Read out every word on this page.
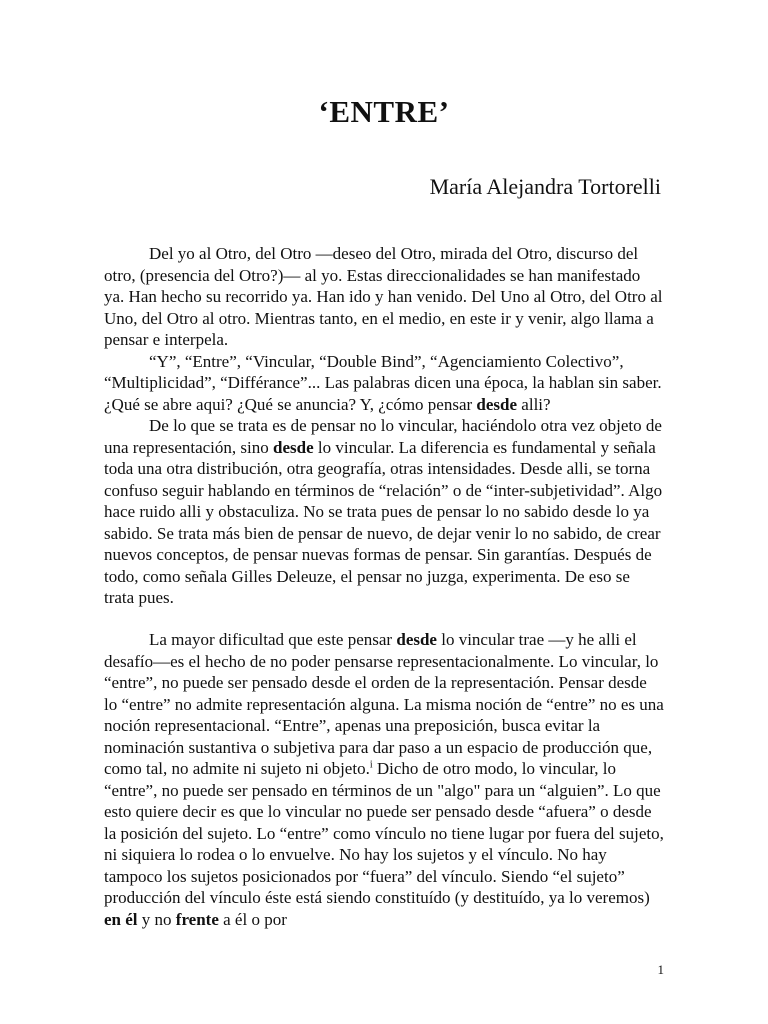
‘ENTRE’
María Alejandra Tortorelli

Del yo al Otro, del Otro —deseo del Otro, mirada del Otro, discurso del otro, (presencia del Otro?)— al yo. Estas direccionalidades se han manifestado ya. Han hecho su recorrido ya. Han ido y han venido. Del Uno al Otro, del Otro al Uno, del Otro al otro. Mientras tanto, en el medio, en este ir y venir, algo llama a pensar e interpela.

“Y”, “Entre”, “Vincular, “Double Bind”, “Agenciamiento Colectivo”, “Multiplicidad”, “Différance”... Las palabras dicen una época, la hablan sin saber. ¿Qué se abre aqui? ¿Qué se anuncia? Y, ¿cómo pensar desde alli?

De lo que se trata es de pensar no lo vincular, haciéndolo otra vez objeto de una representación, sino desde lo vincular. La diferencia es fundamental y señala toda una otra distribución, otra geografía, otras intensidades. Desde alli, se torna confuso seguir hablando en términos de “relación” o de “inter-subjetividad”. Algo hace ruido alli y obstaculiza. No se trata pues de pensar lo no sabido desde lo ya sabido. Se trata más bien de pensar de nuevo, de dejar venir lo no sabido, de crear nuevos conceptos, de pensar nuevas formas de pensar. Sin garantías. Después de todo, como señala Gilles Deleuze, el pensar no juzga, experimenta. De eso se trata pues.

La mayor dificultad que este pensar desde lo vincular trae —y he alli el desafío—es el hecho de no poder pensarse representacionalmente. Lo vincular, lo “entre”, no puede ser pensado desde el orden de la representación. Pensar desde lo “entre” no admite representación alguna. La misma noción de “entre” no es una noción representacional. “Entre”, apenas una preposición, busca evitar la nominación sustantiva o subjetiva para dar paso a un espacio de producción que, como tal, no admite ni sujeto ni objeto.$^i$ Dicho de otro modo, lo vincular, lo “entre”, no puede ser pensado en términos de un "algo" para un “alguien”. Lo que esto quiere decir es que lo vincular no puede ser pensado desde “afuera” o desde la posición del sujeto. Lo “entre” como vínculo no tiene lugar por fuera del sujeto, ni siquiera lo rodea o lo envuelve. No hay los sujetos y el vínculo. No hay tampoco los sujetos posicionados por “fuera” del vínculo. Siendo “el sujeto” producción del vínculo éste está siendo constituído (y destituído, ya lo veremos) en él y no frente a él o por

1
